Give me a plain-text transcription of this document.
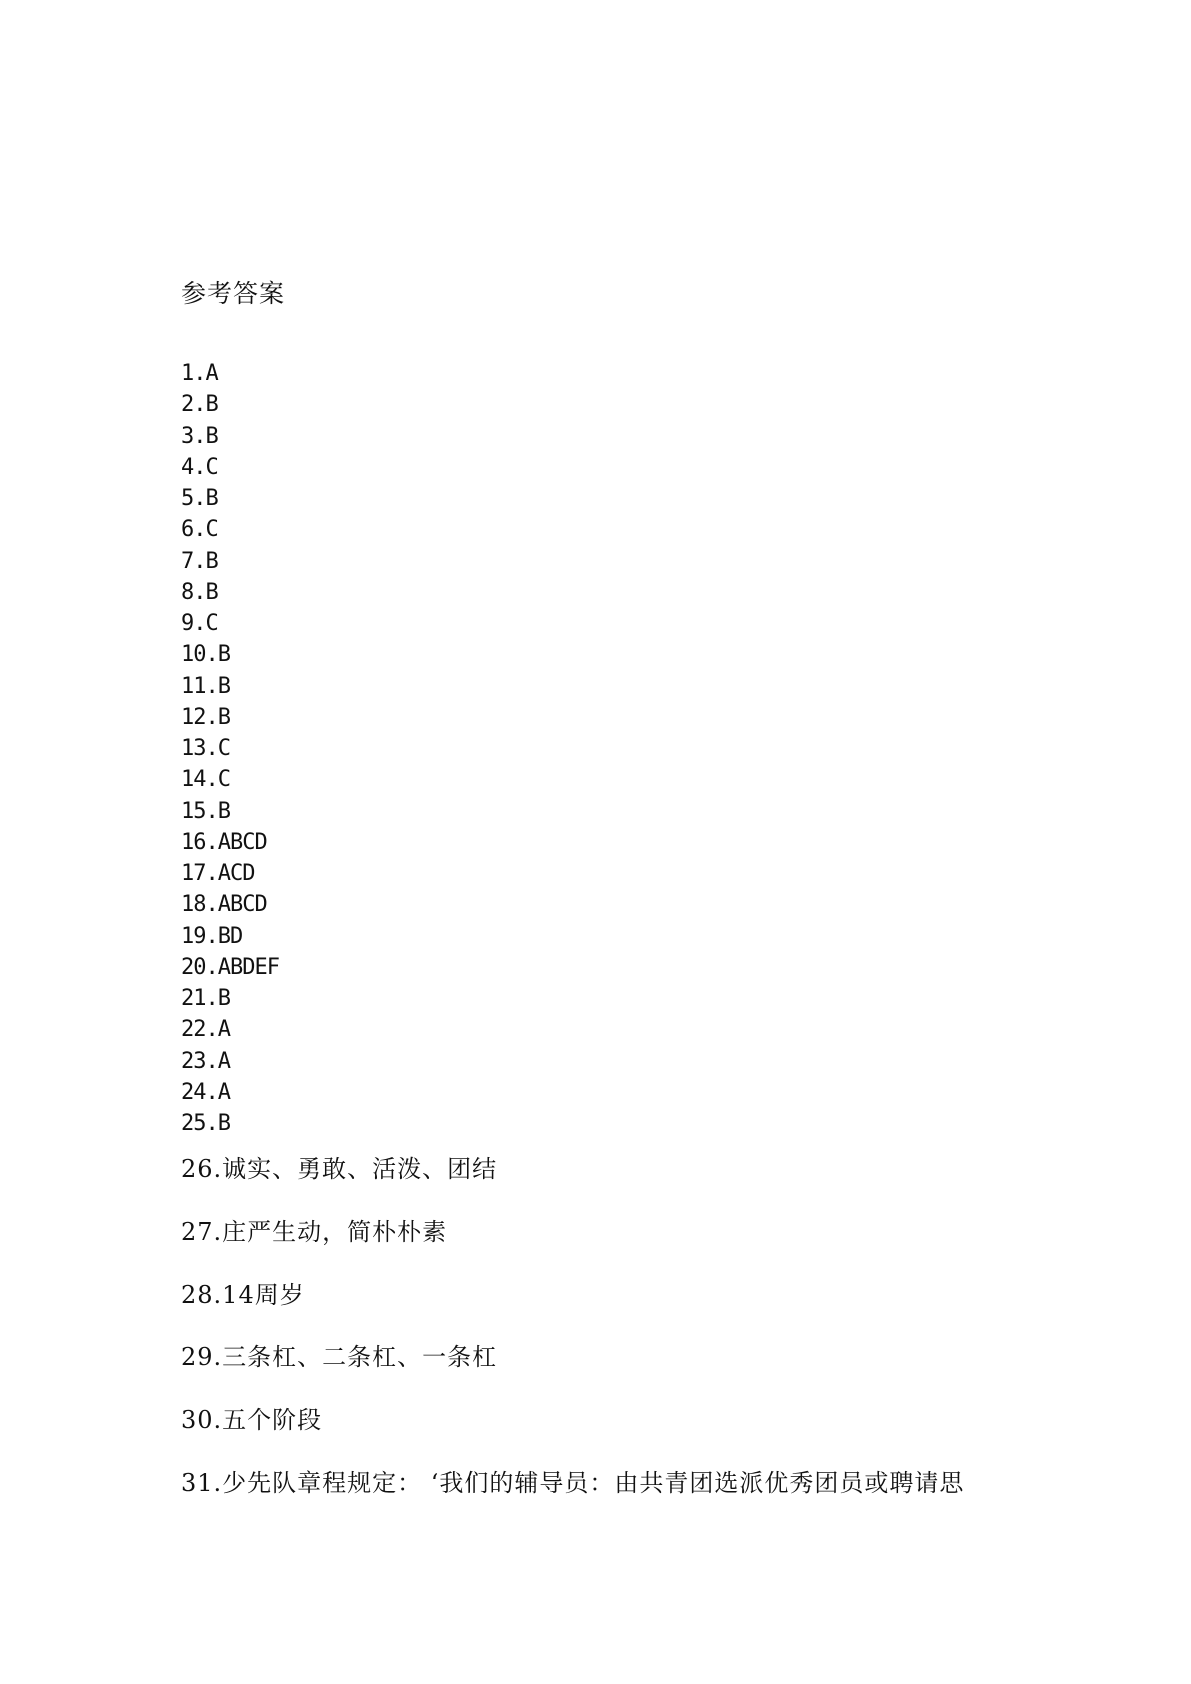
参考答案
1.A
2.B
3.B
4.C
5.B
6.C
7.B
8.B
9.C
10.B
11.B
12.B
13.C
14.C
15.B
16.ABCD
17.ACD
18.ABCD
19.BD
20.ABDEF
21.B
22.A
23.A
24.A
25.B
26.诚实、勇敢、活泼、团结
27.庄严生动，简朴朴素
28.14周岁
29.三条杠、二条杠、一条杠
30.五个阶段
31.少先队章程规定： ‘我们的辅导员：由共青团选派优秀团员或聘请思
